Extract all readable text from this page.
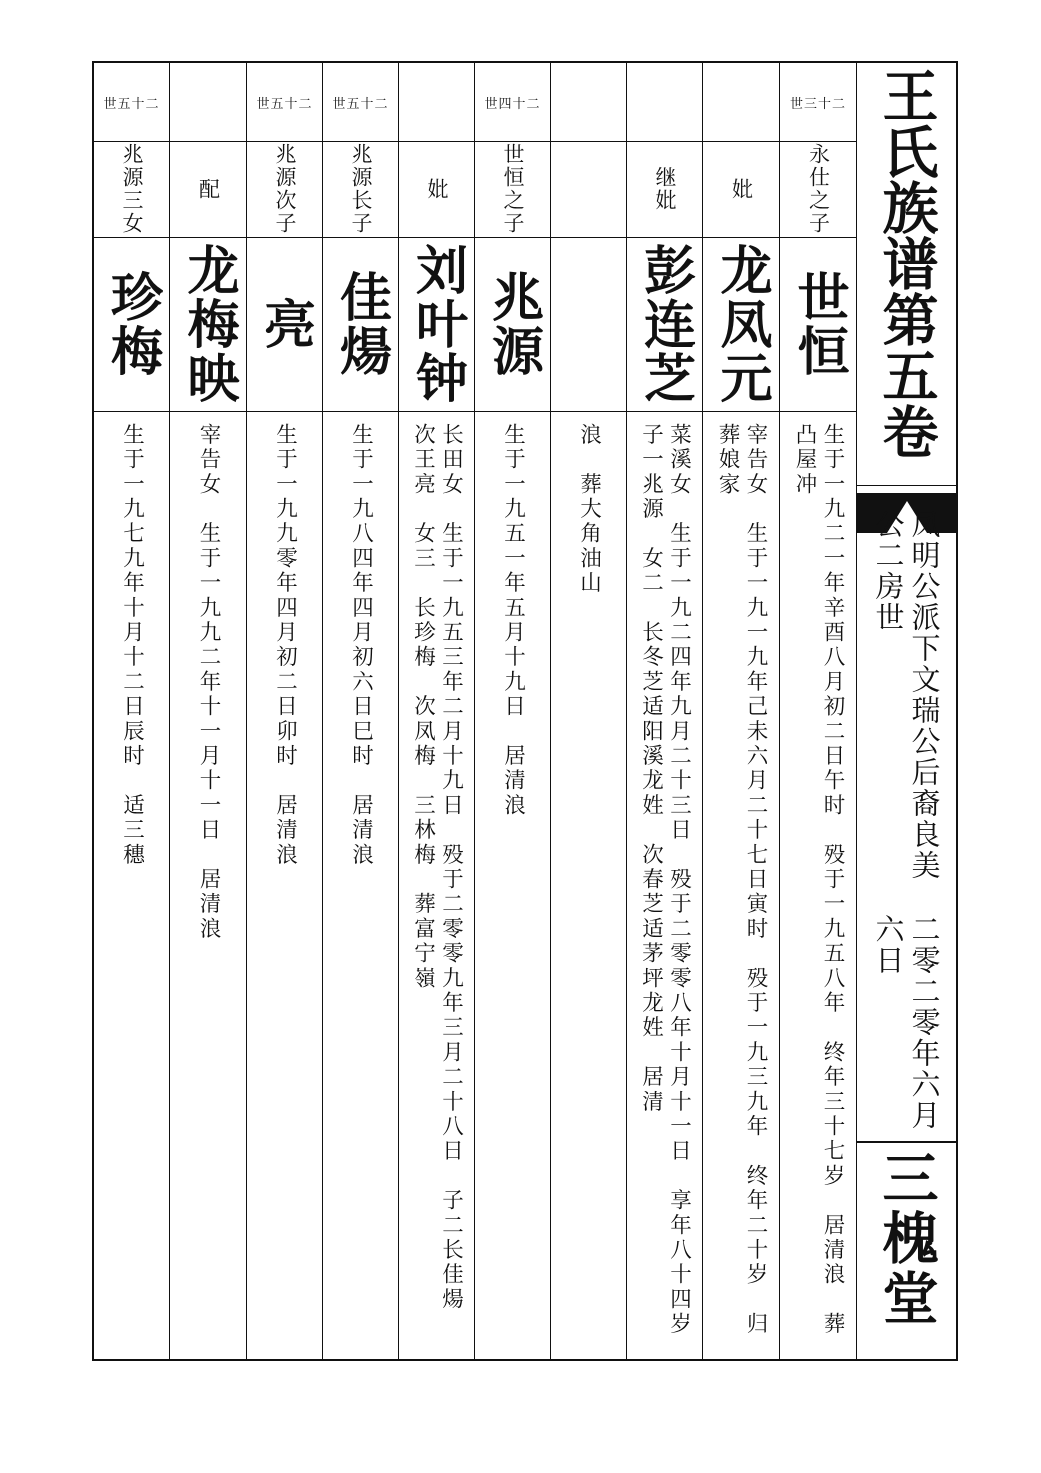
二十三世
永仕之子
世恒
生于一九二一年辛酉八月初二日午时　殁于一九五八年　终年三十七岁　居清浪　葬凸屋冲
妣
龙凤元
宰告女　生于一九一九年己未六月二十七日寅时　殁于一九三九年　终年二十岁　归葬娘家
继妣
彭连芝
菜溪女　生于一九二四年九月二十三日　殁于二零零八年十月十一日　享年八十四岁　子一兆源　女二　长冬芝适阳溪龙姓　次春芝适茅坪龙姓　居清
浪　葬大角油山
二十四世
世恒之子
兆源
生于一九五一年五月十九日　居清浪
妣
刘叶钟
长田女　生于一九五三年二月十九日　殁于二零零九年三月二十八日　子二长佳煬　次王亮　女三　长珍梅　次凤梅　三林梅　葬富宁嶺
二十五世
兆源长子
佳煬
生于一九八四年四月初六日巳时　居清浪
二十五世
兆源次子
亮
生于一九九零年四月初二日卯时　居清浪
配
龙梅映
宰告女　生于一九九二年十一月十一日　居清浪
二十五世
兆源三女
珍梅
生于一九七九年十月十二日辰时　适三穗
王氏族谱第五卷
凤明公派下文瑞公后裔良美公二房世
二零二零年六月六日
三槐堂
